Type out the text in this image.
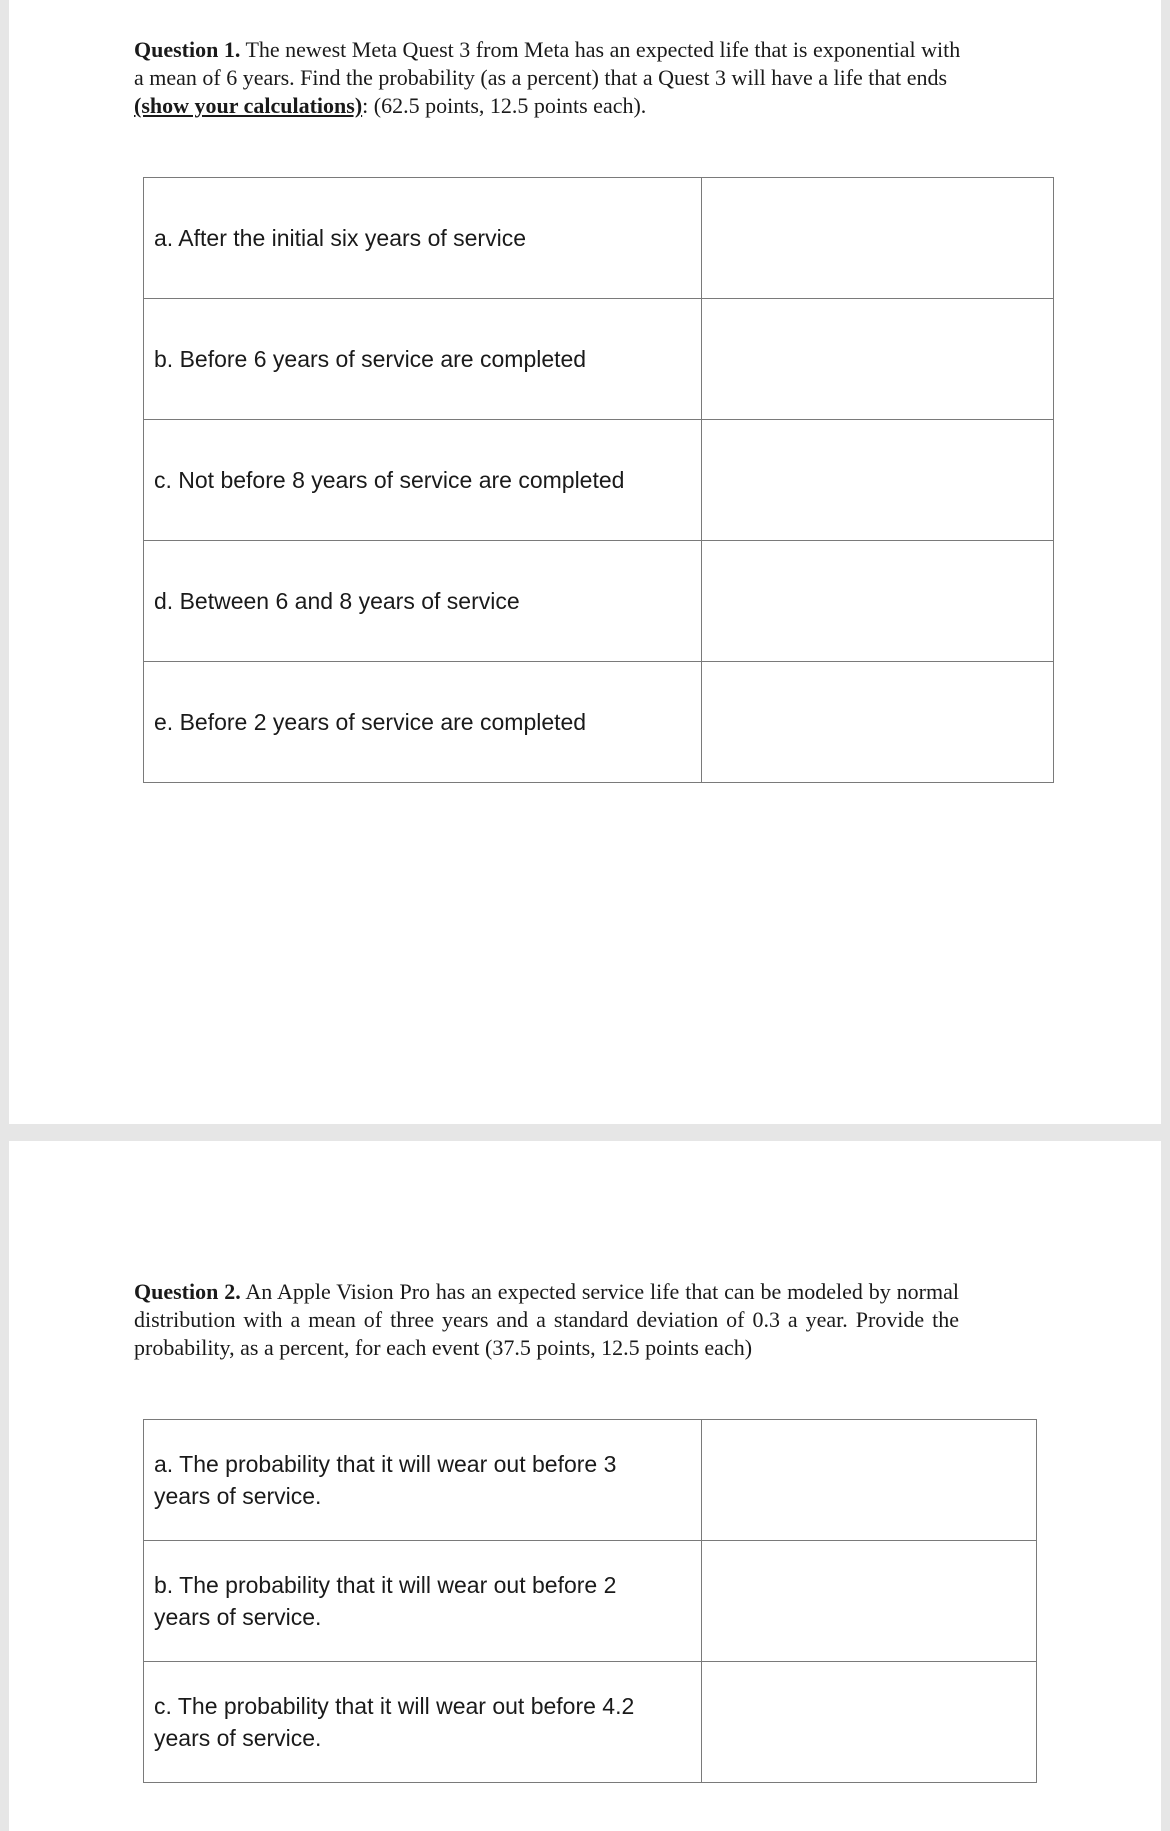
Question 1. The newest Meta Quest 3 from Meta has an expected life that is exponential with a mean of 6 years. Find the probability (as a percent) that a Quest 3 will have a life that ends (show your calculations): (62.5 points, 12.5 points each).

a. After the initial six years of service	
b. Before 6 years of service are completed	
c. Not before 8 years of service are completed	
d. Between 6 and 8 years of service	
e. Before 2 years of service are completed	

Question 2. An Apple Vision Pro has an expected service life that can be modeled by normal distribution with a mean of three years and a standard deviation of 0.3 a year. Provide the probability, as a percent, for each event (37.5 points, 12.5 points each)

a. The probability that it will wear out before 3 years of service.	

b. The probability that it will wear out before 2 years of service.	

c. The probability that it will wear out before 4.2 years of service.	
